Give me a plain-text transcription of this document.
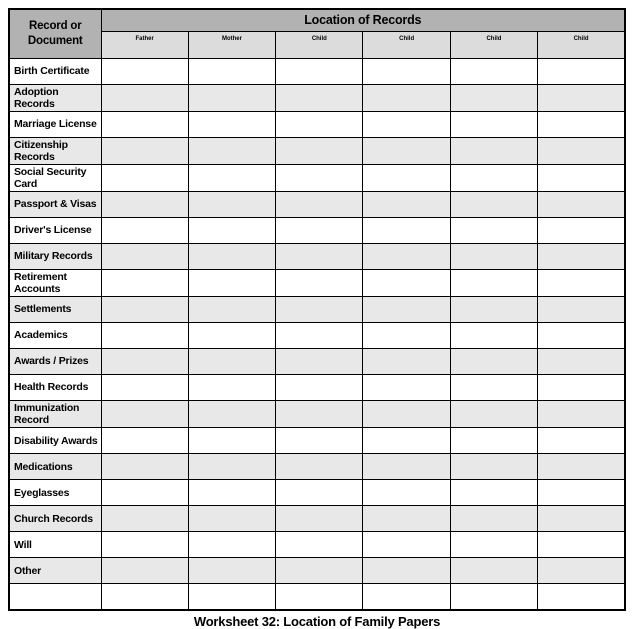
Record or Document	Location of Records					
	Father	Mother	Child	Child	Child	Child
Birth Certificate						
Adoption Records						
Marriage License						
Citizenship Records						
Social Security Card						
Passport & Visas						
Driver's License						
Military Records						
Retirement Accounts						
Settlements						
Academics						
Awards / Prizes						
Health Records						
Immunization Record						
Disability Awards						
Medications						
Eyeglasses						
Church Records						
Will						
Other						

Worksheet 32: Location of Family Papers
